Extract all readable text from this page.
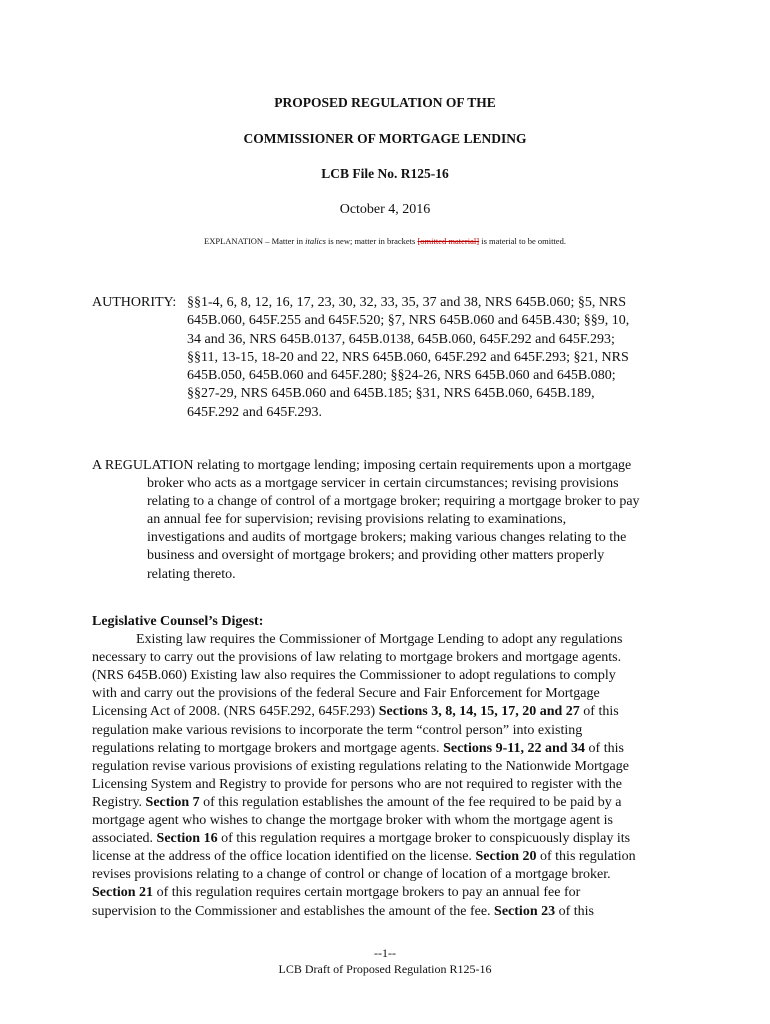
PROPOSED REGULATION OF THE
COMMISSIONER OF MORTGAGE LENDING
LCB File No. R125-16
October 4, 2016
EXPLANATION – Matter in italics is new; matter in brackets [omitted material] is material to be omitted.
AUTHORITY: §§1-4, 6, 8, 12, 16, 17, 23, 30, 32, 33, 35, 37 and 38, NRS 645B.060; §5, NRS
645B.060, 645F.255 and 645F.520; §7, NRS 645B.060 and 645B.430; §§9, 10,
34 and 36, NRS 645B.0137, 645B.0138, 645B.060, 645F.292 and 645F.293;
§§11, 13-15, 18-20 and 22, NRS 645B.060, 645F.292 and 645F.293; §21, NRS
645B.050, 645B.060 and 645F.280; §§24-26, NRS 645B.060 and 645B.080;
§§27-29, NRS 645B.060 and 645B.185; §31, NRS 645B.060, 645B.189,
645F.292 and 645F.293.
A REGULATION relating to mortgage lending; imposing certain requirements upon a mortgage
broker who acts as a mortgage servicer in certain circumstances; revising provisions
relating to a change of control of a mortgage broker; requiring a mortgage broker to pay
an annual fee for supervision; revising provisions relating to examinations,
investigations and audits of mortgage brokers; making various changes relating to the
business and oversight of mortgage brokers; and providing other matters properly
relating thereto.
Legislative Counsel’s Digest:
Existing law requires the Commissioner of Mortgage Lending to adopt any regulations
necessary to carry out the provisions of law relating to mortgage brokers and mortgage agents.
(NRS 645B.060) Existing law also requires the Commissioner to adopt regulations to comply
with and carry out the provisions of the federal Secure and Fair Enforcement for Mortgage
Licensing Act of 2008. (NRS 645F.292, 645F.293) Sections 3, 8, 14, 15, 17, 20 and 27 of this
regulation make various revisions to incorporate the term “control person” into existing
regulations relating to mortgage brokers and mortgage agents. Sections 9-11, 22 and 34 of this
regulation revise various provisions of existing regulations relating to the Nationwide Mortgage
Licensing System and Registry to provide for persons who are not required to register with the
Registry. Section 7 of this regulation establishes the amount of the fee required to be paid by a
mortgage agent who wishes to change the mortgage broker with whom the mortgage agent is
associated. Section 16 of this regulation requires a mortgage broker to conspicuously display its
license at the address of the office location identified on the license. Section 20 of this regulation
revises provisions relating to a change of control or change of location of a mortgage broker.
Section 21 of this regulation requires certain mortgage brokers to pay an annual fee for
supervision to the Commissioner and establishes the amount of the fee. Section 23 of this
--1--
LCB Draft of Proposed Regulation R125-16
